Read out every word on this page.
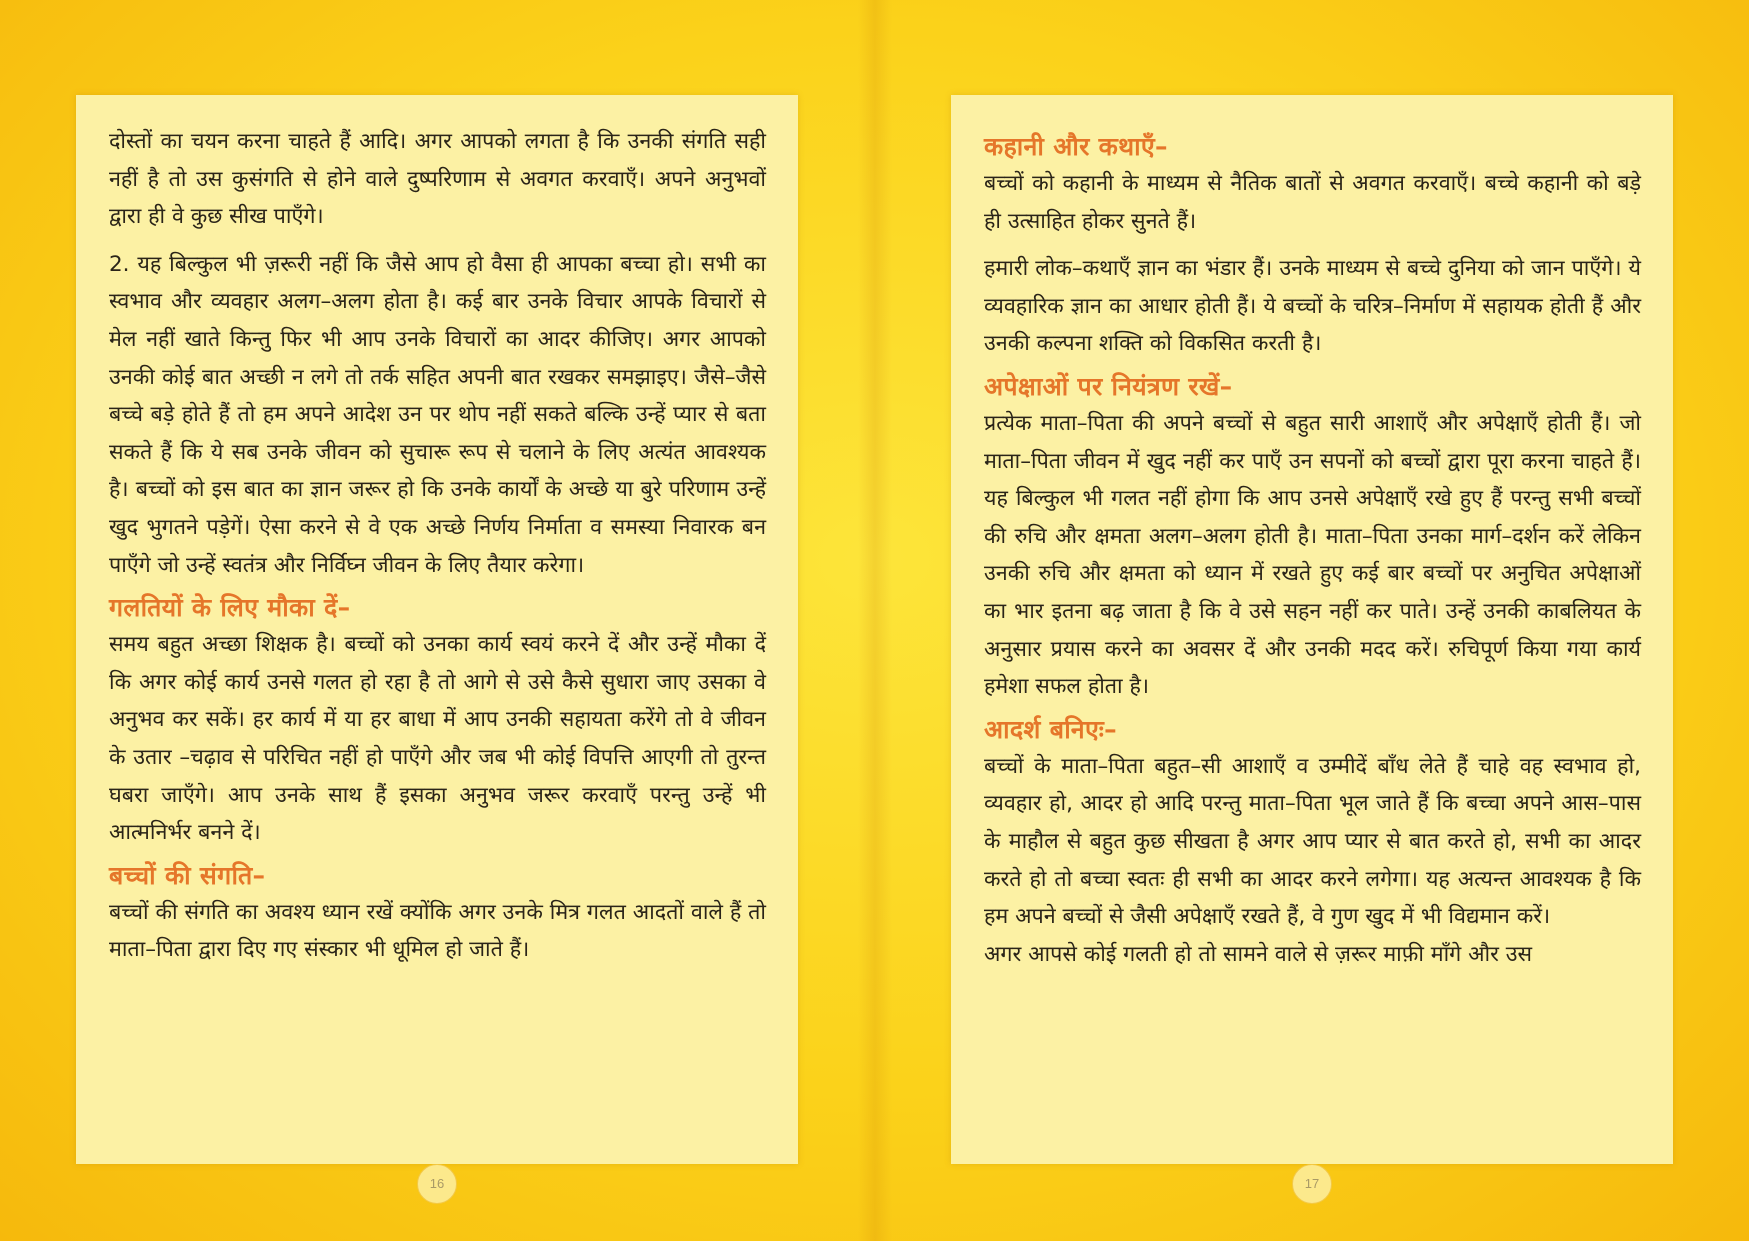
दोस्तों का चयन करना चाहते हैं आदि। अगर आपको लगता है कि उनकी संगति सही नहीं है तो उस कुसंगति से होने वाले दुष्परिणाम से अवगत करवाएँ। अपने अनुभवों द्वारा ही वे कुछ सीख पाएँगे।

2. यह बिल्कुल भी ज़रूरी नहीं कि जैसे आप हो वैसा ही आपका बच्चा हो। सभी का स्वभाव और व्यवहार अलग–अलग होता है। कई बार उनके विचार आपके विचारों से मेल नहीं खाते किन्तु फिर भी आप उनके विचारों का आदर कीजिए। अगर आपको उनकी कोई बात अच्छी न लगे तो तर्क सहित अपनी बात रखकर समझाइए। जैसे–जैसे बच्चे बड़े होते हैं तो हम अपने आदेश उन पर थोप नहीं सकते बल्कि उन्हें प्यार से बता सकते हैं कि ये सब उनके जीवन को सुचारू रूप से चलाने के लिए अत्यंत आवश्यक है। बच्चों को इस बात का ज्ञान जरूर हो कि उनके कार्यों के अच्छे या बुरे परिणाम उन्हें खुद भुगतने पड़ेगें। ऐसा करने से वे एक अच्छे निर्णय निर्माता व समस्या निवारक बन पाएँगे जो उन्हें स्वतंत्र और निर्विघ्न जीवन के लिए तैयार करेगा।

गलतियों के लिए मौका दें–

समय बहुत अच्छा शिक्षक है। बच्चों को उनका कार्य स्वयं करने दें और उन्हें मौका दें कि अगर कोई कार्य उनसे गलत हो रहा है तो आगे से उसे कैसे सुधारा जाए उसका वे अनुभव कर सकें। हर कार्य में या हर बाधा में आप उनकी सहायता करेंगे तो वे जीवन के उतार –चढ़ाव से परिचित नहीं हो पाएँगे और जब भी कोई विपत्ति आएगी तो तुरन्त घबरा जाएँगे। आप उनके साथ हैं इसका अनुभव जरूर करवाएँ परन्तु उन्हें भी आत्मनिर्भर बनने दें।

बच्चों की संगति–

बच्चों की संगति का अवश्य ध्यान रखें क्योंकि अगर उनके मित्र गलत आदतों वाले हैं तो माता–पिता द्वारा दिए गए संस्कार भी धूमिल हो जाते हैं।

कहानी और कथाएँ–

बच्चों को कहानी के माध्यम से नैतिक बातों से अवगत करवाएँ। बच्चे कहानी को बड़े ही उत्साहित होकर सुनते हैं।

हमारी लोक–कथाएँ ज्ञान का भंडार हैं। उनके माध्यम से बच्चे दुनिया को जान पाएँगे। ये व्यवहारिक ज्ञान का आधार होती हैं। ये बच्चों के चरित्र–निर्माण में सहायक होती हैं और उनकी कल्पना शक्ति को विकसित करती है।

अपेक्षाओं पर नियंत्रण रखें–

प्रत्येक माता–पिता की अपने बच्चों से बहुत सारी आशाएँ और अपेक्षाएँ होती हैं। जो माता–पिता जीवन में खुद नहीं कर पाएँ उन सपनों को बच्चों द्वारा पूरा करना चाहते हैं। यह बिल्कुल भी गलत नहीं होगा कि आप उनसे अपेक्षाएँ रखे हुए हैं परन्तु सभी बच्चों की रुचि और क्षमता अलग–अलग होती है। माता–पिता उनका मार्ग–दर्शन करें लेकिन उनकी रुचि और क्षमता को ध्यान में रखते हुए कई बार बच्चों पर अनुचित अपेक्षाओं का भार इतना बढ़ जाता है कि वे उसे सहन नहीं कर पाते। उन्हें उनकी काबलियत के अनुसार प्रयास करने का अवसर दें और उनकी मदद करें। रुचिपूर्ण किया गया कार्य हमेशा सफल होता है।

आदर्श बनिएः–

बच्चों के माता–पिता बहुत–सी आशाएँ व उम्मीदें बाँध लेते हैं चाहे वह स्वभाव हो, व्यवहार हो, आदर हो आदि परन्तु माता–पिता भूल जाते हैं कि बच्चा अपने आस–पास के माहौल से बहुत कुछ सीखता है अगर आप प्यार से बात करते हो, सभी का आदर करते हो तो बच्चा स्वतः ही सभी का आदर करने लगेगा। यह अत्यन्त आवश्यक है कि हम अपने बच्चों से जैसी अपेक्षाएँ रखते हैं, वे गुण खुद में भी विद्यमान करें।

अगर आपसे कोई गलती हो तो सामने वाले से ज़रूर माफ़ी माँगे और उस

16	17
